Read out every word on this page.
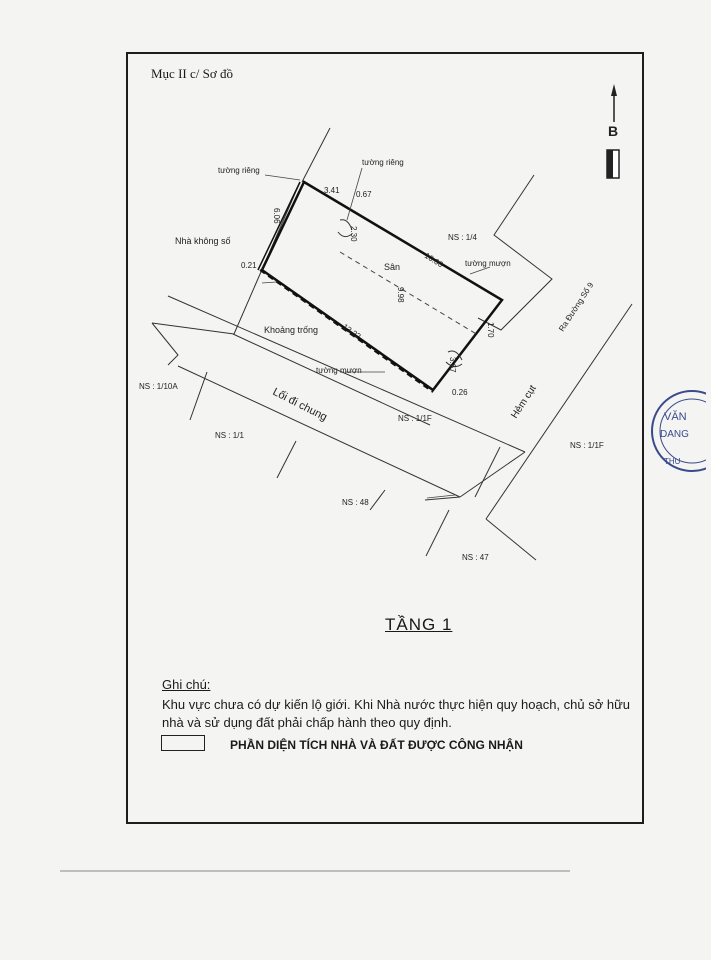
Mục II c/ Sơ đồ
B
tường riêng
tường riêng
Nhà không số	NS : 1/4
Sân	tường mượn
Khoảng trống
tường mượn
NS : 1/10A	Lối đi chung
NS : 1/1
NS : 1/1F	Hẻm cụt
Ra Đường Số 9
NS : 1/1F
NS : 48
NS : 47
3.41 0.67
6.06
2.30
0.21	10.00
9.98
1.70
13.22
3.67
0.26
TẦNG 1
Ghi chú:
Khu vực chưa có dự kiến lộ giới. Khi Nhà nước thực hiện quy hoạch, chủ sở hữu nhà và sử dụng đất phải chấp hành theo quy định.
PHẦN DIỆN TÍCH NHÀ VÀ ĐẤT ĐƯỢC CÔNG NHẬN
VĂN
DANG
THU
